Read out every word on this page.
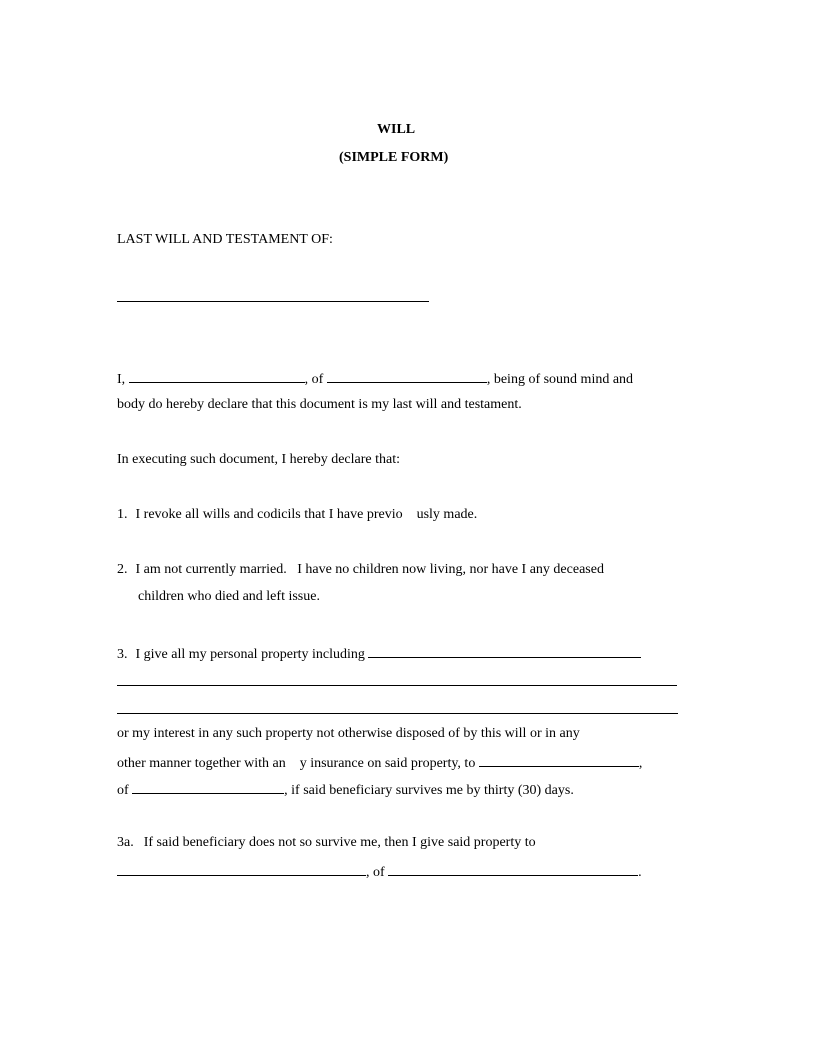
WILL
(SIMPLE FORM)
LAST WILL AND TESTAMENT OF:
I,	, of	, being of sound mind and
body do hereby declare that this document is my last will and testament.
In executing such document, I hereby declare that:
1. I revoke all wills and codicils that I have previo usly made.
2. I am not currently married.   I have no children now living, nor have I any deceased
children who died and left issue.
3. I give all my personal property including
or my interest in any such property not otherwise disposed of by this will or in any
other manner together with an y insurance on said property, to	,
of	, if said beneficiary survives me by thirty (30) days.
3a. If said beneficiary does not so survive me, then I give said property to
, of	.
